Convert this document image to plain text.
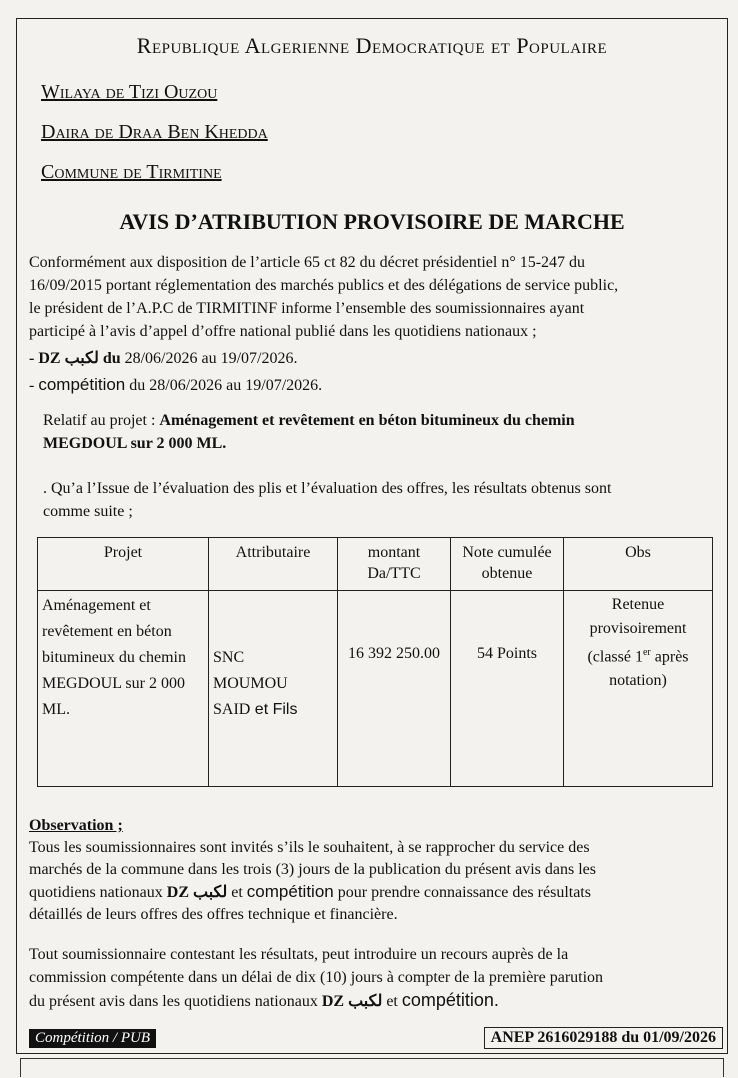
Republique Algerienne Democratique et Populaire
Wilaya de Tizi Ouzou
Daira de Draa Ben Khedda
Commune de Tirmitine
AVIS D’ATRIBUTION PROVISOIRE DE MARCHE
Conformément aux disposition de l’article 65 ct 82 du décret présidentiel n° 15-247 du
16/09/2015 portant réglementation des marchés publics et des délégations de service public,
le président de l’A.P.C de TIRMITINF informe l’ensemble des soumissionnaires ayant
participé à l’avis d’appel d’offre national publié dans les quotidiens nationaux ;
- DZ لكبب du 28/06/2026 au 19/07/2026.
- compétition du 28/06/2026 au 19/07/2026.
Relatif au projet : Aménagement et revêtement en béton bitumineux du chemin
MEGDOUL sur 2 000 ML.
. Qu’a l’Issue de l’évaluation des plis et l’évaluation des offres, les résultats obtenus sont
comme suite ;
Projet	Attributaire	montant Da/TTC	Note cumulée obtenue	Obs
Aménagement et revêtement en béton bitumineux du chemin MEGDOUL sur 2 000 ML.	SNC
MOUMOU
SAID et Fils	16 392 250.00	54 Points	Retenue provisoirement (classé 1er après notation)
Observation ;
Tous les soumissionnaires sont invités s’ils le souhaitent, à se rapprocher du service des
marchés de la commune dans les trois (3) jours de la publication du présent avis dans les
quotidiens nationaux DZ لكبب et compétition pour prendre connaissance des résultats
détaillés de leurs offres des offres technique et financière.
Tout soumissionnaire contestant les résultats, peut introduire un recours auprès de la
commission compétente dans un délai de dix (10) jours à compter de la première parution
du présent avis dans les quotidiens nationaux DZ لكبب et compétition.
Compétition / PUB	ANEP 2616029188 du 01/09/2026
